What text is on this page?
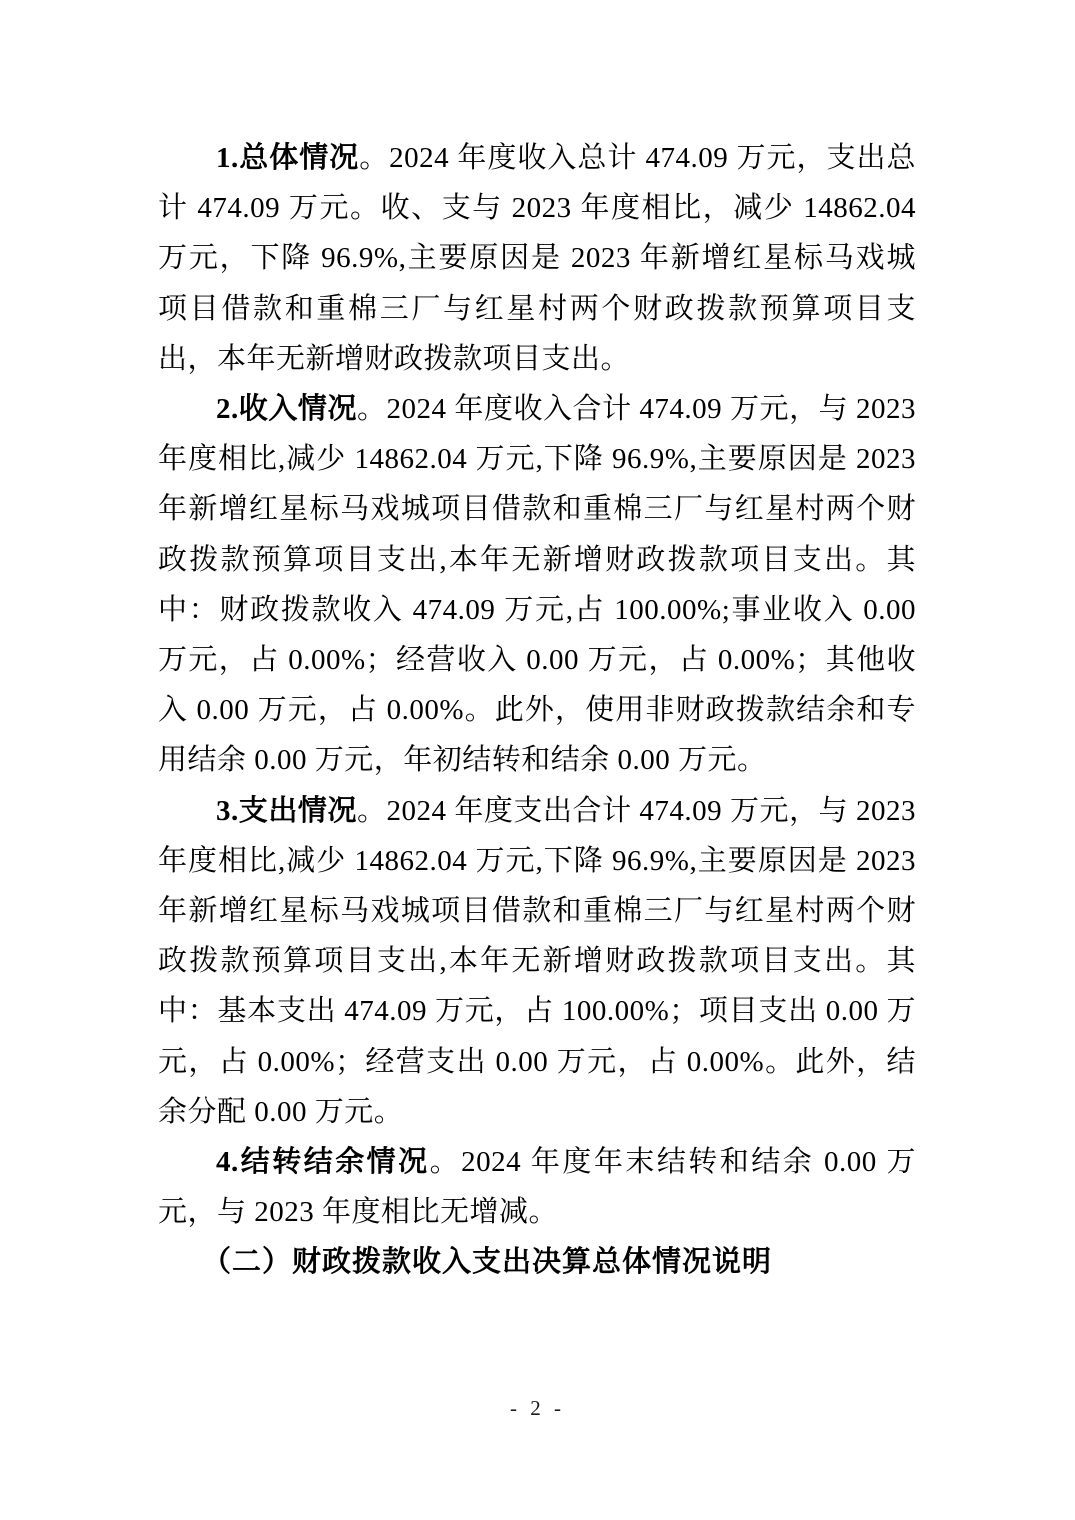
1.总体情况。2024 年度收入总计 474.09 万元，支出总计 474.09 万元。收、支与 2023 年度相比，减少 14862.04 万元，下降 96.9%,主要原因是 2023 年新增红星标马戏城项目借款和重棉三厂与红星村两个财政拨款预算项目支出，本年无新增财政拨款项目支出。

2.收入情况。2024 年度收入合计 474.09 万元，与 2023 年度相比,减少 14862.04 万元,下降 96.9%,主要原因是 2023 年新增红星标马戏城项目借款和重棉三厂与红星村两个财政拨款预算项目支出,本年无新增财政拨款项目支出。其中：财政拨款收入 474.09 万元,占 100.00%;事业收入 0.00 万元，占 0.00%；经营收入 0.00 万元，占 0.00%；其他收入 0.00 万元，占 0.00%。此外，使用非财政拨款结余和专用结余 0.00 万元，年初结转和结余 0.00 万元。

3.支出情况。2024 年度支出合计 474.09 万元，与 2023 年度相比,减少 14862.04 万元,下降 96.9%,主要原因是 2023 年新增红星标马戏城项目借款和重棉三厂与红星村两个财政拨款预算项目支出,本年无新增财政拨款项目支出。其中：基本支出 474.09 万元，占 100.00%；项目支出 0.00 万元，占 0.00%；经营支出 0.00 万元，占 0.00%。此外，结余分配 0.00 万元。

4.结转结余情况。2024 年度年末结转和结余 0.00 万元，与 2023 年度相比无增减。

（二）财政拨款收入支出决算总体情况说明

- 2 -
